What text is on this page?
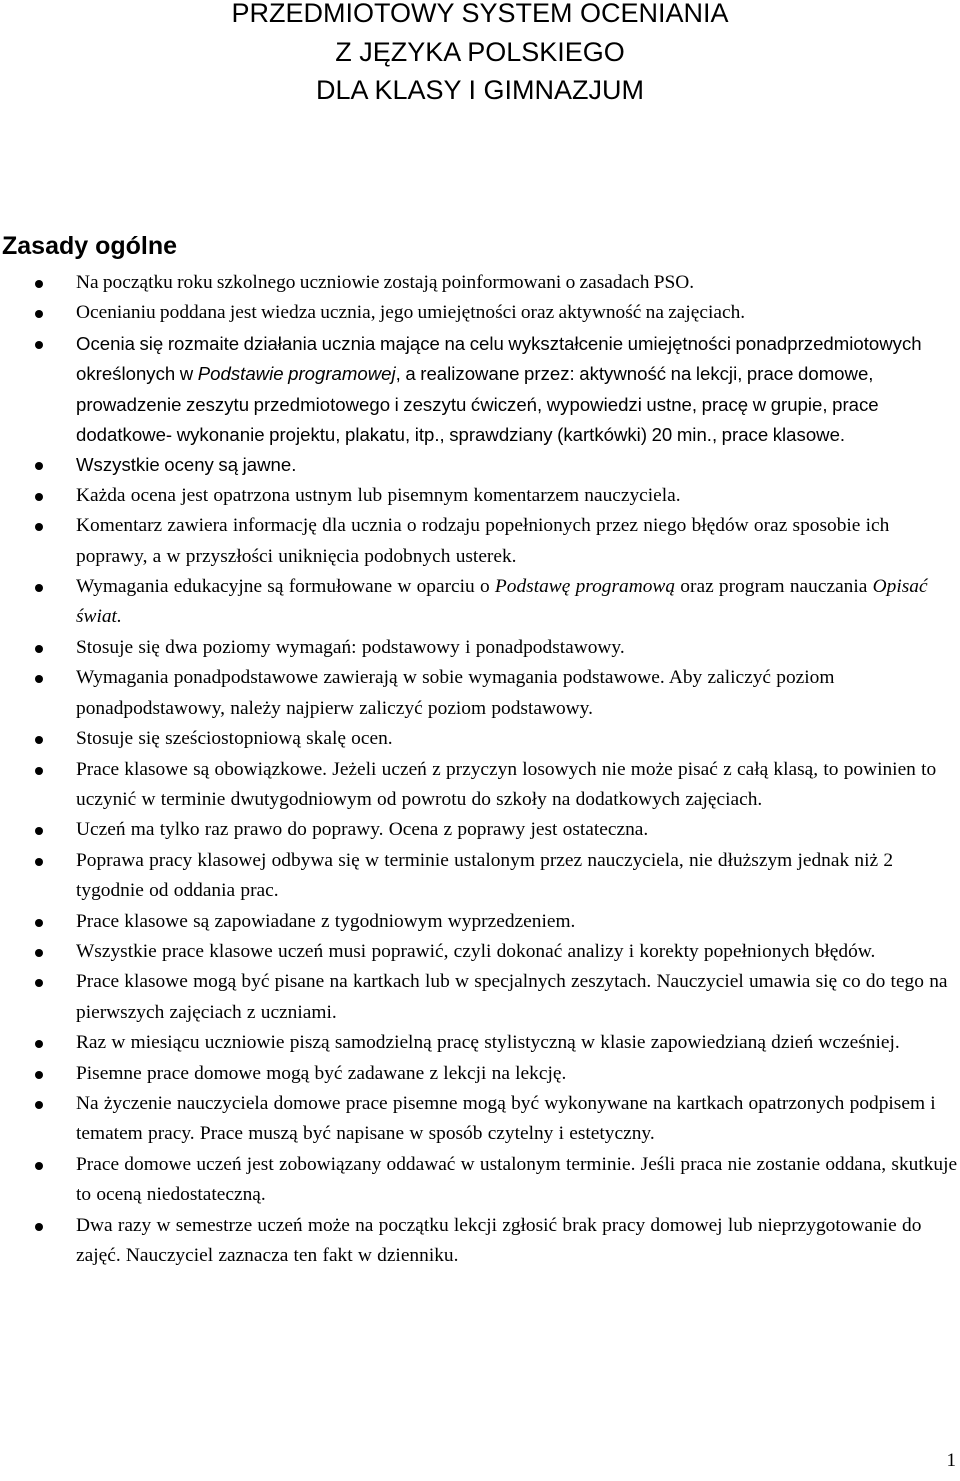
PRZEDMIOTOWY SYSTEM OCENIANIA
Z JĘZYKA POLSKIEGO
DLA KLASY I GIMNAZJUM
Zasady ogólne
Na początku roku szkolnego uczniowie zostają poinformowani o zasadach PSO.
Ocenianiu poddana jest wiedza ucznia, jego umiejętności oraz aktywność na zajęciach.
Ocenia się rozmaite działania ucznia mające na celu wykształcenie umiejętności ponadprzedmiotowych określonych w Podstawie programowej, a realizowane przez: aktywność na lekcji, prace domowe, prowadzenie zeszytu przedmiotowego i zeszytu ćwiczeń, wypowiedzi ustne, pracę w grupie, prace dodatkowe- wykonanie projektu, plakatu, itp., sprawdziany (kartkówki) 20 min., prace klasowe.
Wszystkie oceny są jawne.
Każda ocena jest opatrzona ustnym lub pisemnym komentarzem nauczyciela.
Komentarz zawiera informację dla ucznia o rodzaju popełnionych przez niego błędów oraz sposobie ich poprawy, a w przyszłości uniknięcia podobnych usterek.
Wymagania edukacyjne są formułowane w oparciu o Podstawę programową oraz program nauczania Opisać świat.
Stosuje się dwa poziomy wymagań: podstawowy i ponadpodstawowy.
Wymagania ponadpodstawowe zawierają w sobie wymagania podstawowe. Aby zaliczyć poziom ponadpodstawowy, należy najpierw zaliczyć poziom podstawowy.
Stosuje się sześciostopniową skalę ocen.
Prace klasowe są obowiązkowe. Jeżeli uczeń z przyczyn losowych nie może pisać z całą klasą, to powinien to uczynić w terminie dwutygodniowym od powrotu do szkoły na dodatkowych zajęciach.
Uczeń ma tylko raz prawo do poprawy. Ocena z poprawy jest ostateczna.
Poprawa pracy klasowej odbywa się w terminie ustalonym przez nauczyciela, nie dłuższym jednak niż 2 tygodnie od oddania prac.
Prace klasowe są zapowiadane z tygodniowym wyprzedzeniem.
Wszystkie prace klasowe uczeń musi poprawić, czyli dokonać analizy i korekty popełnionych błędów.
Prace klasowe mogą być pisane na kartkach lub w specjalnych zeszytach. Nauczyciel umawia się co do tego na pierwszych zajęciach z uczniami.
Raz w miesiącu uczniowie piszą samodzielną pracę stylistyczną w klasie zapowiedzianą dzień wcześniej.
Pisemne prace domowe mogą być zadawane z lekcji na lekcję.
Na życzenie nauczyciela domowe prace pisemne mogą być wykonywane na kartkach opatrzonych podpisem i tematem pracy. Prace muszą być napisane w sposób czytelny i estetyczny.
Prace domowe uczeń jest zobowiązany oddawać w ustalonym terminie. Jeśli praca nie zostanie oddana, skutkuje to oceną niedostateczną.
Dwa razy w semestrze uczeń może na początku lekcji zgłosić brak pracy domowej lub nieprzygotowanie do zajęć. Nauczyciel zaznacza ten fakt w dzienniku.
1
